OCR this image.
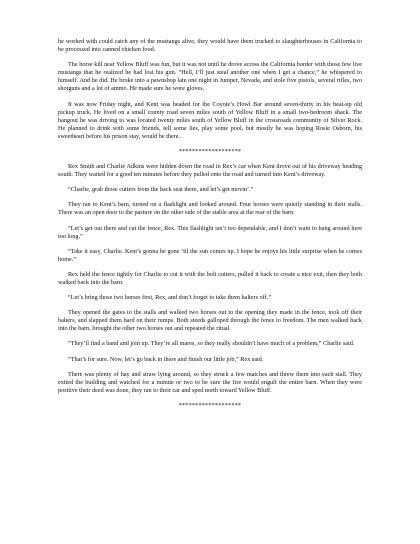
he worked with could catch any of the mustangs alive, they would have them trucked to slaughterhouses in California to be processed into canned chicken food.

The horse kill near Yellow Bluff was fun, but it was not until he drove across the California border with those few live mustangs that he realized he had lost his gun. “Hell, I’ll just steal another one when I get a chance,” he whispered to himself. And he did. He broke into a pawnshop late one night in Juniper, Nevada, and stole five pistols, several rifles, two shotguns and a lot of ammo. He made sure he wore gloves.

It was now Friday night, and Kent was headed for the Coyote’s Howl Bar around seven-thirty in his beat-up old pickup truck. He lived on a small county road seven miles south of Yellow Bluff in a small two-bedroom shack. The hangout he was driving to was located twenty miles south of Yellow Bluff in the crossroads community of Silver Rock. He planned to drink with some friends, tell some lies, play some pool, but mostly he was hoping Rosie Osborn, his sweetheart before his prison stay, would be there.

*******************

Rex Smith and Charlie Adkins were hidden down the road in Rex’s car when Kent drove out of his driveway heading south. They waited for a good ten minutes before they pulled onto the road and turned into Kent’s driveway.

“Charlie, grab those cutters from the back seat there, and let’s get movin’.”

They ran to Kent’s barn, turned on a flashlight and looked around. Four horses were quietly standing in their stalls. There was an open door to the pasture on the other side of the stable area at the rear of the barn.

“Let’s get out there and cut the fence, Rex. This flashlight isn’t too dependable, and I don’t want to hang around here too long.”

“Take it easy, Charlie. Kent’s gonna be gone ’til the sun comes up. I hope he enjoys his little surprise when he comes home.”

Rex held the fence tightly for Charlie to cut it with the bolt cutters, pulled it back to create a nice exit, then they both walked back into the barn.

“Let’s bring those two horses first, Rex, and don’t forget to take them halters off.”

They opened the gates to the stalls and walked two horses out to the opening they made in the fence, took off their halters, and slapped them hard on their rumps. Both steeds galloped through the fence to freedom. The men walked back into the barn, brought the other two horses out and repeated the ritual.

“They’ll find a band and join up. They’re all mares, so they really shouldn’t have much of a problem,” Charlie said.

“That’s for sure. Now, let’s go back in there and finish our little job,” Rex said.

There was plenty of hay and straw lying around, so they struck a few matches and threw them into each stall. They exited the building and watched for a minute or two to be sure the fire would engulf the entire barn. When they were positive their deed was done, they ran to their car and sped north toward Yellow Bluff.

*******************
